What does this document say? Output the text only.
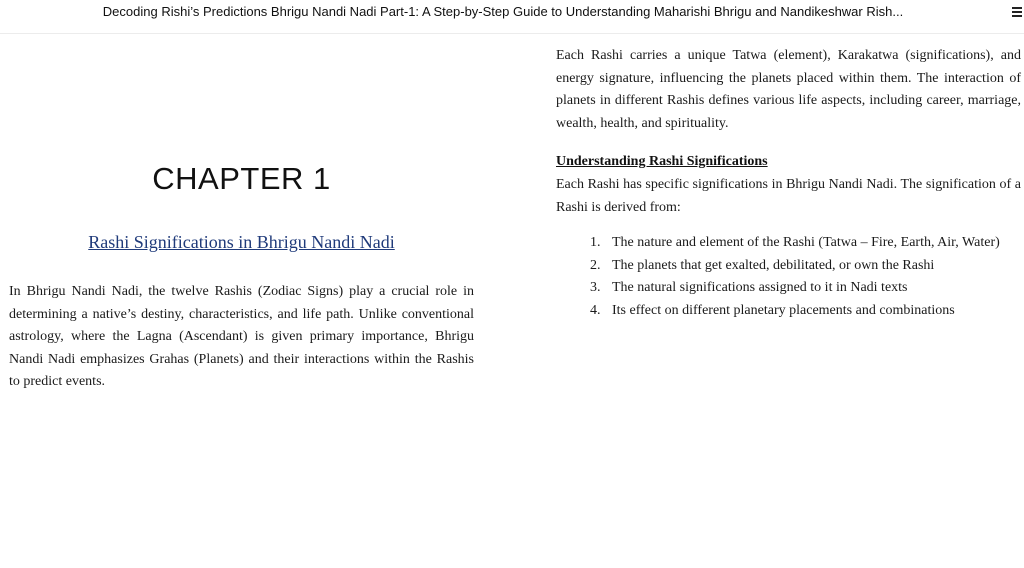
Decoding Rishi’s Predictions Bhrigu Nandi Nadi Part-1: A Step-by-Step Guide to Understanding Maharishi Bhrigu and Nandikeshwar Rish...
CHAPTER 1
Rashi Significations in Bhrigu Nandi Nadi

In Bhrigu Nandi Nadi, the twelve Rashis (Zodiac Signs) play a crucial role in determining a native’s destiny, characteristics, and life path. Unlike conventional astrology, where the Lagna (Ascendant) is given primary importance, Bhrigu Nandi Nadi emphasizes Grahas (Planets) and their interactions within the Rashis to predict events.

Each Rashi carries a unique Tatwa (element), Karakatwa (significations), and energy signature, influencing the planets placed within them. The interaction of planets in different Rashis defines various life aspects, including career, marriage, wealth, health, and spirituality.

Understanding Rashi Significations

Each Rashi has specific significations in Bhrigu Nandi Nadi. The signification of a Rashi is derived from:

1. The nature and element of the Rashi (Tatwa – Fire, Earth, Air, Water)
2. The planets that get exalted, debilitated, or own the Rashi
3. The natural significations assigned to it in Nadi texts
4. Its effect on different planetary placements and combinations
